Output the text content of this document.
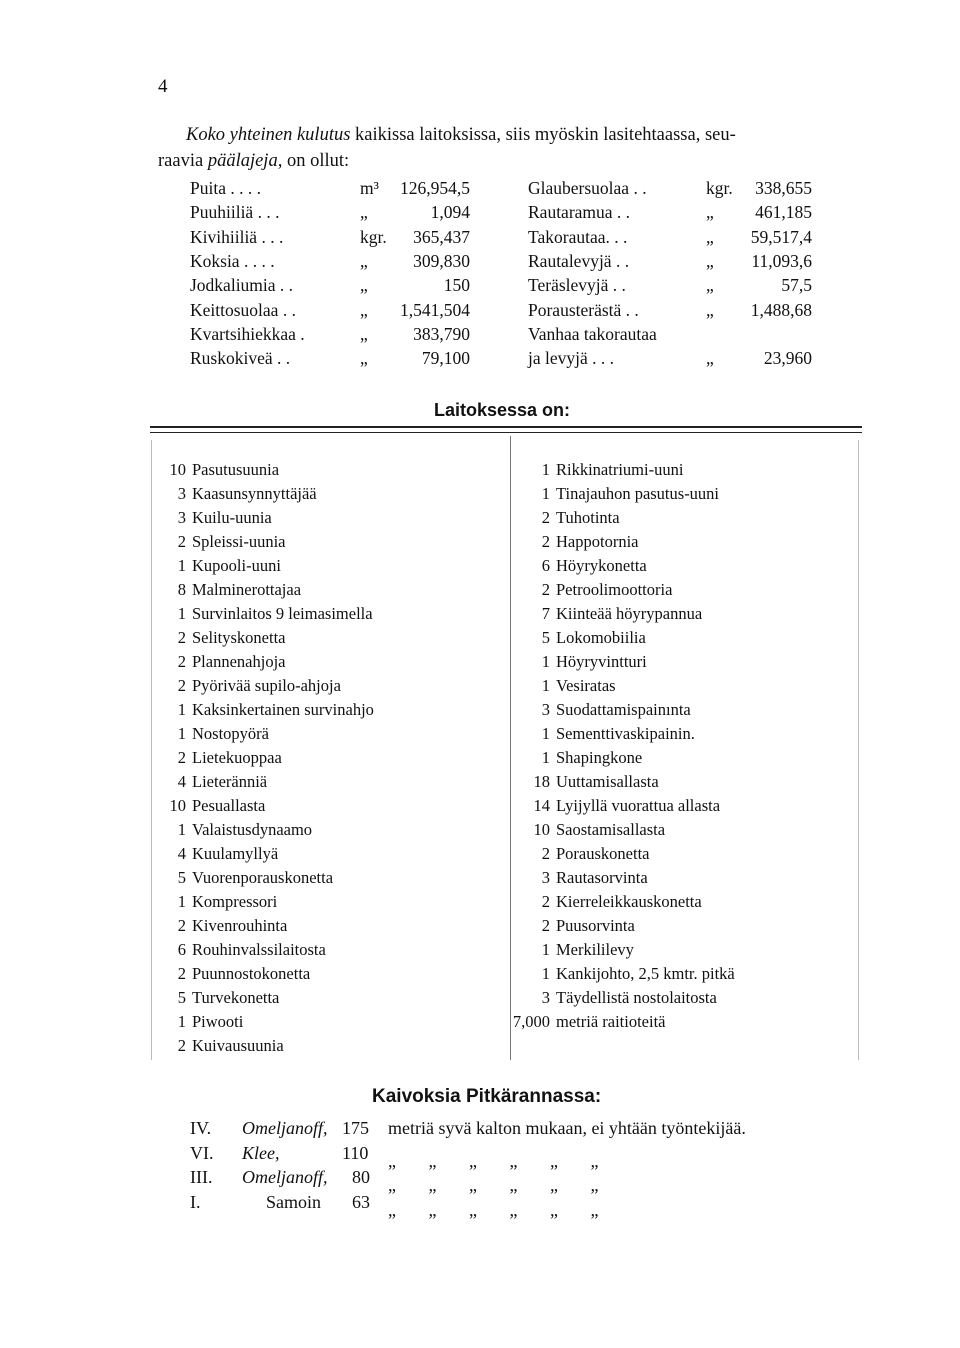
4
Koko yhteinen kulutus kaikissa laitoksissa, siis myöskin lasitehtaassa, seu-
raavia päälajeja, on ollut:
Puita . . . .	m³ 126,954,5
Puuhiiliä . . .	„	1,094
Kivihiiliä . . .	kgr. 365,437
Koksia . . . .	„	309,830
Jodkaliumia . .	„	150
Keittosuolaa . .	„ 1,541,504
Kvartsihiekkaa .	„	383,790
Ruskokiveä . .	„	79,100
Glaubersuolaa . .	kgr. 338,655
Rautaramua . .	„ 461,185
Takorautaa. . .	„ 59,517,4
Rautalevyjä . .	„ 11,093,6
Teräslevyjä . .	„	57,5
Porausterästä . .	„ 1,488,68
Vanhaa takorautaa
ja levyjä . . .	„	23,960
Laitoksessa on:
10 Pasutusuunia
3 Kaasunsynnyttäjää
3 Kuilu-uunia
2 Spleissi-uunia
1 Kupooli-uuni
8 Malminerottajaa
1 Survinlaitos 9 leimasimella
2 Selityskonetta
2 Plannenahjoja
2 Pyörivää supilo-ahjoja
1 Kaksinkertainen survinahjo
1 Nostopyörä
2 Lietekuoppaa
4 Lieteränniä
10 Pesuallasta
1 Valaistusdynaamo
4 Kuulamyllyä
5 Vuorenporauskonetta
1 Kompressori
2 Kivenrouhinta
6 Rouhinvalssilaitosta
2 Puunnostokonetta
5 Turvekonetta
1 Piwooti
2 Kuivausuunia
1 Rikkinatriumi-uuni
1 Tinajauhon pasutus-uuni
2 Tuhotinta
2 Happotornia
6 Höyrykonetta
2 Petroolimoottoria
7 Kiinteää höyrypannua
5 Lokomobiilia
1 Höyryvintturi
1 Vesiratas
3 Suodattamispainınta
1 Sementtivaskipainin.
1 Shapingkone
18 Uuttamisallasta
14 Lyijyllä vuorattua allasta
10 Saostamisallasta
2 Porauskonetta
3 Rautasorvinta
2 Kierreleikkauskonetta
2 Puusorvinta
1 Merkililevy
1 Kankijohto, 2,5 kmtr. pitkä
3 Täydellistä nostolaitosta
7,000 metriä raitioteitä
Kaivoksia Pitkärannassa:
IV. Omeljanoff, 175 metriä syvä kalton mukaan, ei yhtään työntekijää.
VI. Klee,	110 „ „ „ „ „ „
III. Omeljanoff, 80 „ „ „ „ „ „
I.	Samoin 63 „ „ „ „ „ „
